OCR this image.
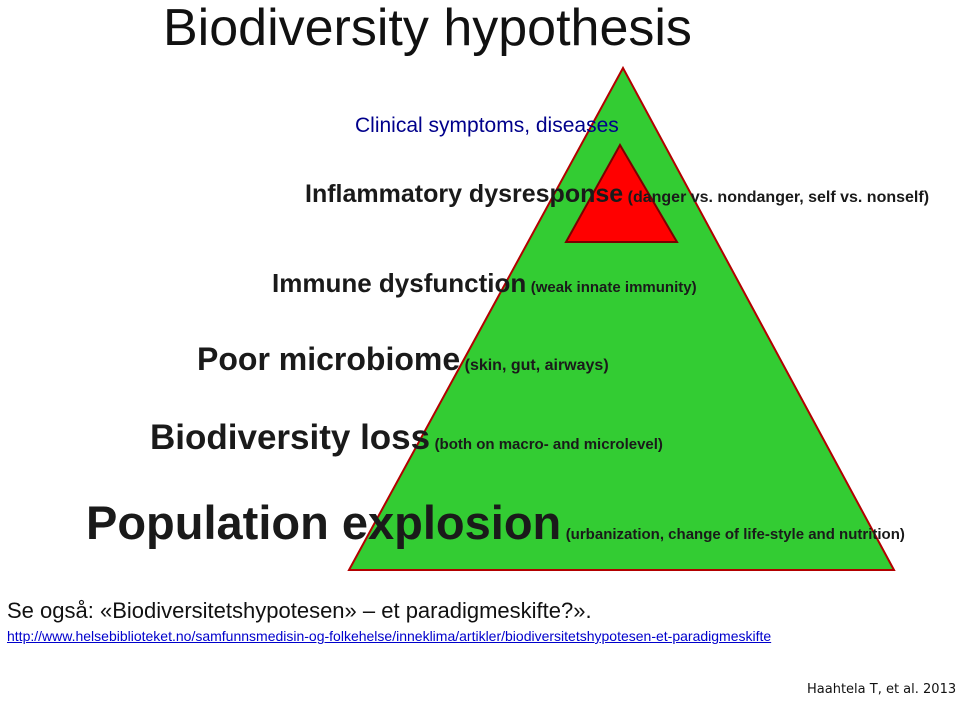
Biodiversity hypothesis
Clinical symptoms, diseases
Inflammatory dysresponse (danger vs. nondanger, self vs. nonself)
Immune dysfunction (weak innate immunity)
Poor microbiome (skin, gut, airways)
Biodiversity loss (both on macro- and microlevel)
Population explosion (urbanization, change of life-style and nutrition)
Se også: «Biodiversitetshypotesen» – et paradigmeskifte?».
http://www.helsebiblioteket.no/samfunnsmedisin-og-folkehelse/inneklima/artikler/biodiversitetshypotesen-et-paradigmeskifte
Haahtela T, et al. 2013
